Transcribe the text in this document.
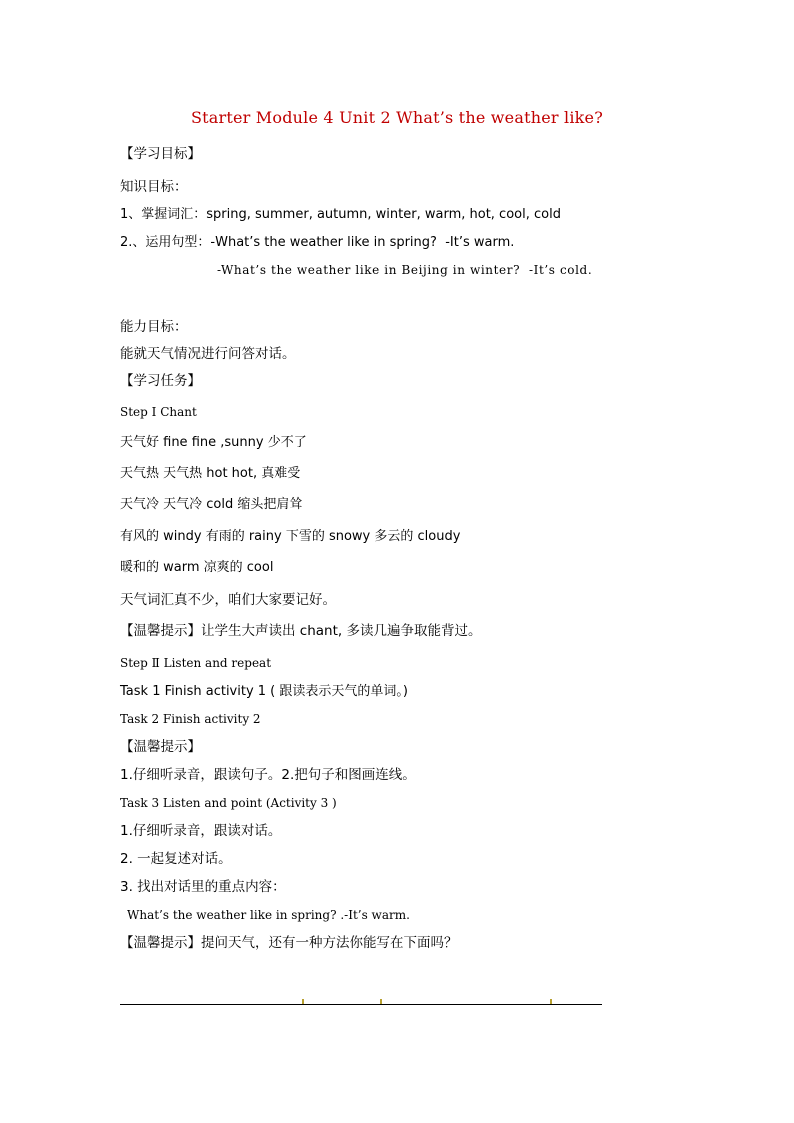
Starter Module 4 Unit 2 What’s the weather like?
【学习目标】
知识目标：
1、掌握词汇：spring, summer, autumn, winter, warm, hot, cool, cold
2.、运用句型：-What’s the weather like in spring?  -It’s warm.
-What’s the weather like in Beijing in winter?  -It’s cold.
能力目标：
能就天气情况进行问答对话。
【学习任务】
Step Ⅰ Chant
天气好 fine fine ,sunny 少不了
天气热 天气热 hot hot, 真难受
天气冷 天气冷 cold 缩头把肩耸
有风的 windy 有雨的 rainy 下雪的 snowy 多云的 cloudy
暖和的 warm 凉爽的 cool
天气词汇真不少，咱们大家要记好。
【温馨提示】让学生大声读出 chant, 多读几遍争取能背过。
Step Ⅱ Listen and repeat
Task 1 Finish activity 1 ( 跟读表示天气的单词。)
Task 2 Finish activity 2
【温馨提示】
1.仔细听录音，跟读句子。2.把句子和图画连线。
Task 3 Listen and point (Activity 3 )
1.仔细听录音，跟读对话。
2. 一起复述对话。
3. 找出对话里的重点内容：
What’s the weather like in spring? .-It’s warm.
【温馨提示】提问天气，还有一种方法你能写在下面吗？
